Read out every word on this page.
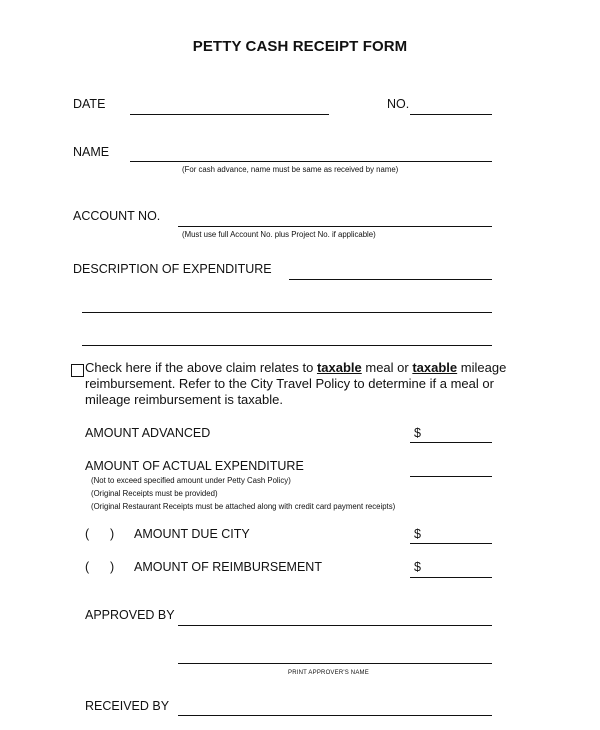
PETTY CASH RECEIPT FORM
DATE	NO.
NAME
(For cash advance, name must be same as received by name)
ACCOUNT NO.
(Must use full Account No. plus Project No. if applicable)
DESCRIPTION OF EXPENDITURE
Check here if the above claim relates to taxable meal or taxable mileage reimbursement. Refer to the City Travel Policy to determine if a meal or mileage reimbursement is taxable.
AMOUNT ADVANCED	$
AMOUNT OF ACTUAL EXPENDITURE
(Not to exceed specified amount under Petty Cash Policy)
(Original Receipts must be provided)
(Original Restaurant Receipts must be attached along with credit card payment receipts)
(      ) AMOUNT DUE CITY	$
(      ) AMOUNT OF REIMBURSEMENT	$
APPROVED BY
PRINT APPROVER'S NAME
RECEIVED BY
